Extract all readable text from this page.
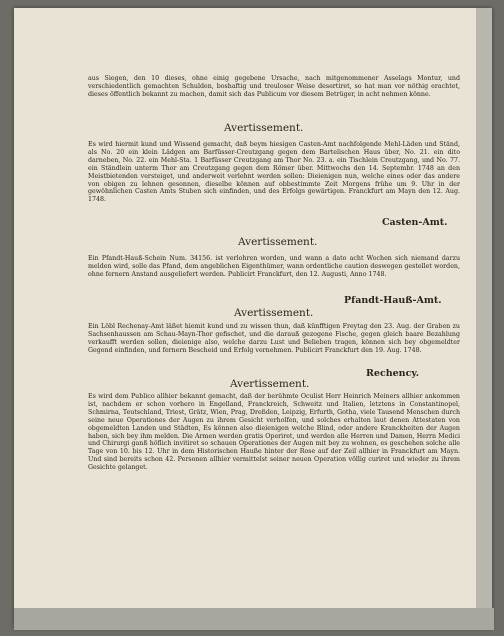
aus Siegen, den 10 dieses, ohne einig gegebene Ursache, nach mitgenommener Asselags Montur, und verschiedentlich gemachten Schulden, boshaftig und treuloser Weise desertiret, so hat man vor nöthig erachtet, dieses öffentlich bekannt zu machen, damit sich das Publicum vor diesem Betrüger, in acht nehmen könne.

Avertissement.

Es wird hiermit kund und Wissend gemacht, daß beym hiesigen Casten-Amt nachfolgende Mehl-Läden und Ständ, als No. 20 ein klein Lädgen am Barfüsser-Creutzgang gegen dem Bartelischen Haus über, No. 21. ein dito darneben, No. 22. ein Mehl-Sta. 1 Barfüsser Creutzgang am Thor No. 23. a. ein Tischlein Creutzgang, und No. 77. ein Ständlein unterm Thor am Creutzgang gegen dem Römer über. Mittwochs den 14. Septembr. 1748 an den Meistbietenden versteiget, und anderweit verlehnt werden sollen: Dieienigen nun, welche eines oder das andere von obigen zu lehnen gesonnen, dieselbe können auf obbestimmte Zeit Morgens frühe um 9. Uhr in der gewöhnlichen Casten Amts Stuben sich einfinden, und des Erfolgs gewärtigen. Franckfurt am Mayn den 12. Aug. 1748.

Casten-Amt.
Avertissement.

Ein Pfandt-Hauß-Schein Num. 34156. ist verlohren worden, und wann a dato acht Wochen sich niemand darzu melden wird, solle das Pfand, dem angeblichen Eigenthümer, wann ordentliche caution deswegen gestellet worden, ohne fernern Anstand ausgeliefert werden. Publicirt Franckfurt, den 12. Augusti, Anno 1748.

Pfandt-Hauß-Amt.
Avertissement.

Ein Löbl Rechenay-Amt läßet hiemit kund und zu wissen thun, daß künfftigen Freytag den 23. Aug. der Graben zu Sachsenhaussen am Schau-Mayn-Thor gefischet, und die darauß gezogene Fische, gegen gleich baare Bezahlung verkaufft werden sollen, dieienige also, welche darzu Lust und Belieben tragen, können sich bey obgemeldter Gegend einfinden, und fernern Bescheid und Erfolg vernehmen. Publicirt Franckfurt den 19. Aug. 1748.

Rechency.
Avertissement.

Es wird dem Publico allhier bekannt gemacht, daß der berühmte Oculist Herr Heinrich Meiners allhier ankommen ist, nachdem er schon vorhero in Engelland, Franckreich, Schweitz und Italien, letztens in Constantinopel, Schmirna, Teutschland, Triest, Grätz, Wien, Prag, Dreßden, Leipzig, Erfurth, Gotha, viele Tausend Menschen durch seine neue Operationes der Augen zu ihrem Gesicht verholfen, und solches erhalten laut denen Attestaten von obgemeldten Landen und Städten, Es können also dieienigen welche Blind, oder andere Kranckheiten der Augen haben, sich bey ihm melden. Die Armen werden gratis Operiret, und werden alle Herren und Damen, Herrn Medici und Chirurgi ganß höflich invitiret so schauen Operationes der Augen mit bey zu wohnen, es geschehen solche alle Tage von 10. bis 12. Uhr in dem Historischen Hauße hinter der Rose auf der Zeil allhier in Franckfurt am Mayn. Und sind bereits schon 42. Personen allhier vermittelst seiner neuen Operation völlig curiret und wieder zu ihrem Gesichte gelanget.
